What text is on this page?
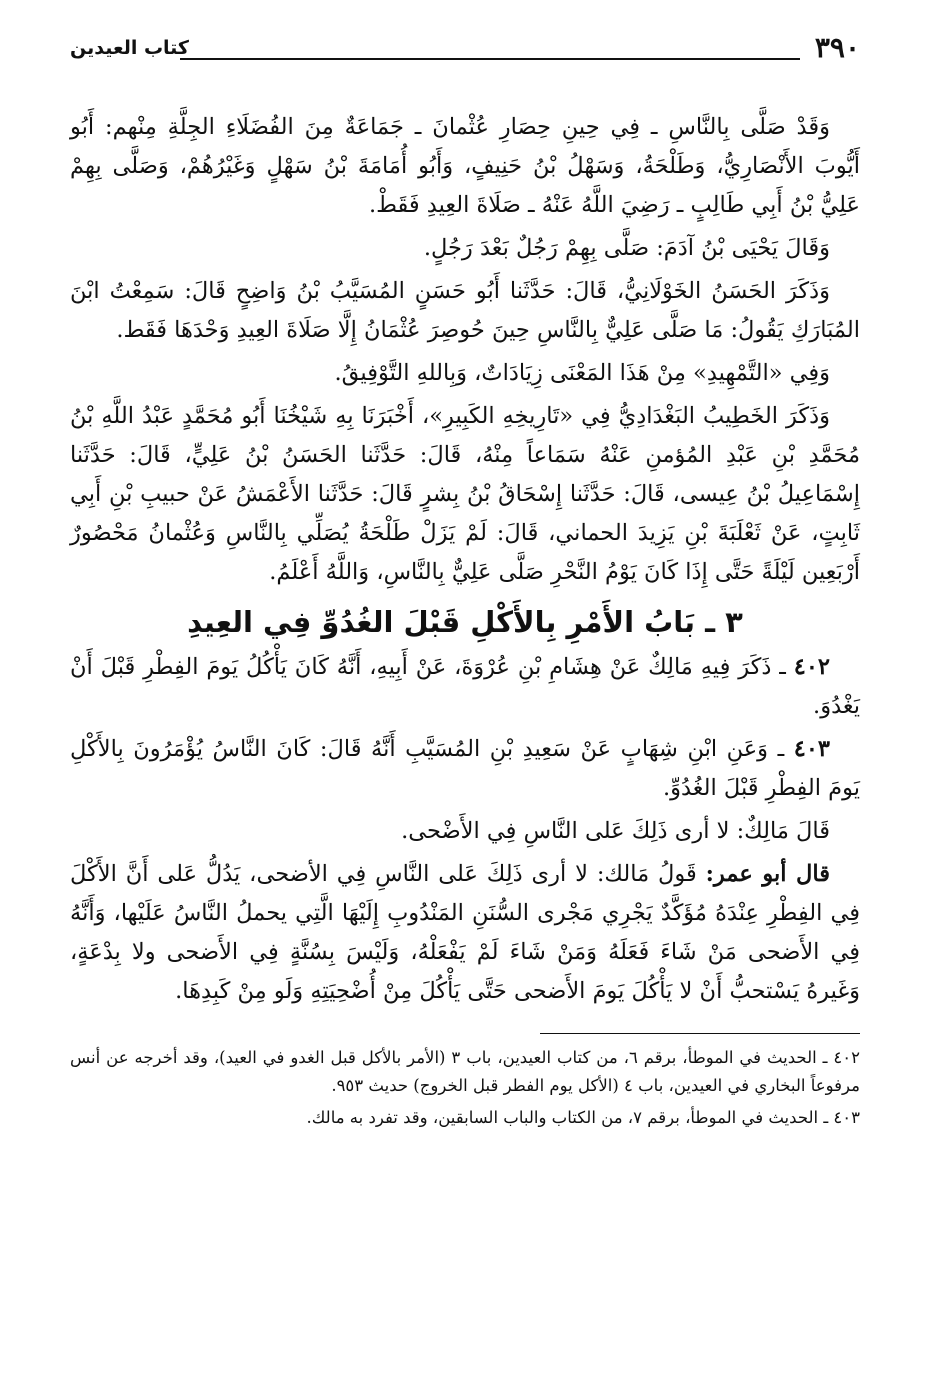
٣٩٠
كتاب العيدين

وَقَدْ صَلَّى بِالنَّاسِ ـ فِي حِينِ حِصَارِ عُثْمانَ ـ جَمَاعَةٌ مِنَ الفُضَلَاءِ الجِلَّةِ مِنْهم: أَبُو أَيُّوبَ الأَنْصَارِيُّ، وَطَلْحَةُ، وَسَهْلُ بْنُ حَنِيفٍ، وَأَبُو أُمَامَةَ بْنُ سَهْلٍ وَغَيْرُهُمْ، وَصَلَّى بِهِمْ عَلِيُّ بْنُ أَبِي طَالِبٍ ـ رَضِيَ اللَّهُ عَنْهُ ـ صَلَاةَ العِيدِ فَقَطْ.

وَقَالَ يَحْيَى بْنُ آدَمَ: صَلَّى بِهِمْ رَجُلٌ بَعْدَ رَجُلٍ.

وَذَكَرَ الحَسَنُ الخَوْلَانِيُّ، قَالَ: حَدَّثَنا أَبُو حَسَنٍ المُسَيَّبُ بْنُ وَاضِحٍ قَالَ: سَمِعْتُ ابْنَ المُبَارَكِ يَقُولُ: مَا صَلَّى عَلِيٌّ بِالنَّاسِ حِينَ حُوصِرَ عُثْمَانُ إِلَّا صَلَاةَ العِيدِ وَحْدَهَا فَقَط.

وَفِي «التَّمْهِيدِ» مِنْ هَذَا المَعْنَى زِيَادَاتٌ، وَبِاللهِ التَّوْفِيقُ.

وَذَكَرَ الخَطِيبُ البَغْدَادِيُّ فِي «تَارِيخِهِ الكَبِيرِ»، أَخْبَرَنَا بِهِ شَيْخُنَا أَبُو مُحَمَّدٍ عَبْدُ اللَّهِ بْنُ مُحَمَّدِ بْنِ عَبْدِ المُؤمنِ عَنْهُ سَمَاعاً مِنْهُ، قَالَ: حَدَّثَنا الحَسَنُ بْنُ عَلِيٍّ، قَالَ: حَدَّثَنا إِسْمَاعِيلُ بْنُ عِيسى، قَالَ: حَدَّثَنا إِسْحَاقُ بْنُ بِشرٍ قَالَ: حَدَّثَنا الأَعْمَشُ عَنْ حبيبِ بْنِ أَبِي ثَابِتٍ، عَنْ ثَعْلَبَةَ بْنِ يَزِيدَ الحماني، قَالَ: لَمْ يَزَلْ طَلْحَةُ يُصَلِّي بِالنَّاسِ وَعُثْمانُ مَحْصُورٌ أَرْبَعِين لَيْلَةً حَتَّى إِذَا كَانَ يَوْمُ النَّحْرِ صَلَّى عَلِيٌّ بِالنَّاسِ، وَاللَّهُ أَعْلَمُ.

٣ ـ بَابُ الأَمْرِ بِالأَكْلِ قَبْلَ الغُدُوِّ فِي العِيدِ

٤٠٢ ـ ذَكَرَ فِيهِ مَالِكٌ عَنْ هِشَامِ بْنِ عُرْوَةَ، عَنْ أَبِيهِ، أَنَّهُ كَانَ يَأْكُلُ يَومَ الفِطْرِ قَبْلَ أَنْ يَغْدُوَ.

٤٠٣ ـ وَعَنِ ابْنِ شِهَابٍ عَنْ سَعِيدِ بْنِ المُسَيَّبِ أَنَّهُ قَالَ: كَانَ النَّاسُ يُؤْمَرُونَ بِالأَكْلِ يَومَ الفِطْرِ قَبْلَ الغُدُوِّ.

قَالَ مَالِكٌ: لا أرى ذَلِكَ عَلى النَّاسِ فِي الأَضْحى.

قال أبو عمر: قَولُ مَالك: لا أرى ذَلِكَ عَلى النَّاسِ فِي الأضحى، يَدُلُّ عَلى أَنَّ الأَكْلَ فِي الفِطْرِ عِنْدَهُ مُؤَكَّدٌ يَجْرِي مَجْرى السُّنَنِ المَنْدُوبِ إِلَيْهَا الَّتِي يحملُ النَّاسُ عَلَيْها، وَأَنَّهُ فِي الأَضحى مَنْ شَاءَ فَعَلَهُ وَمَنْ شَاءَ لَمْ يَفْعَلْهُ، وَلَيْسَ بِسُنَّةٍ فِي الأَضحى ولا بِدْعَةٍ، وَغَيرهُ يَسْتحبُّ أَنْ لا يَأْكُلَ يَومَ الأَضحى حَتَّى يَأْكُلَ مِنْ أُضْحِيَتِهِ وَلَو مِنْ كَبِدِهَا.

٤٠٢ ـ الحديث في الموطأ، برقم ٦، من كتاب العيدين، باب ٣ (الأمر بالأكل قبل الغدو في العيد)، وقد أخرجه عن أنس مرفوعاً البخاري في العيدين، باب ٤ (الأكل يوم الفطر قبل الخروج) حديث ٩٥٣.

٤٠٣ ـ الحديث في الموطأ، برقم ٧، من الكتاب والباب السابقين، وقد تفرد به مالك.
